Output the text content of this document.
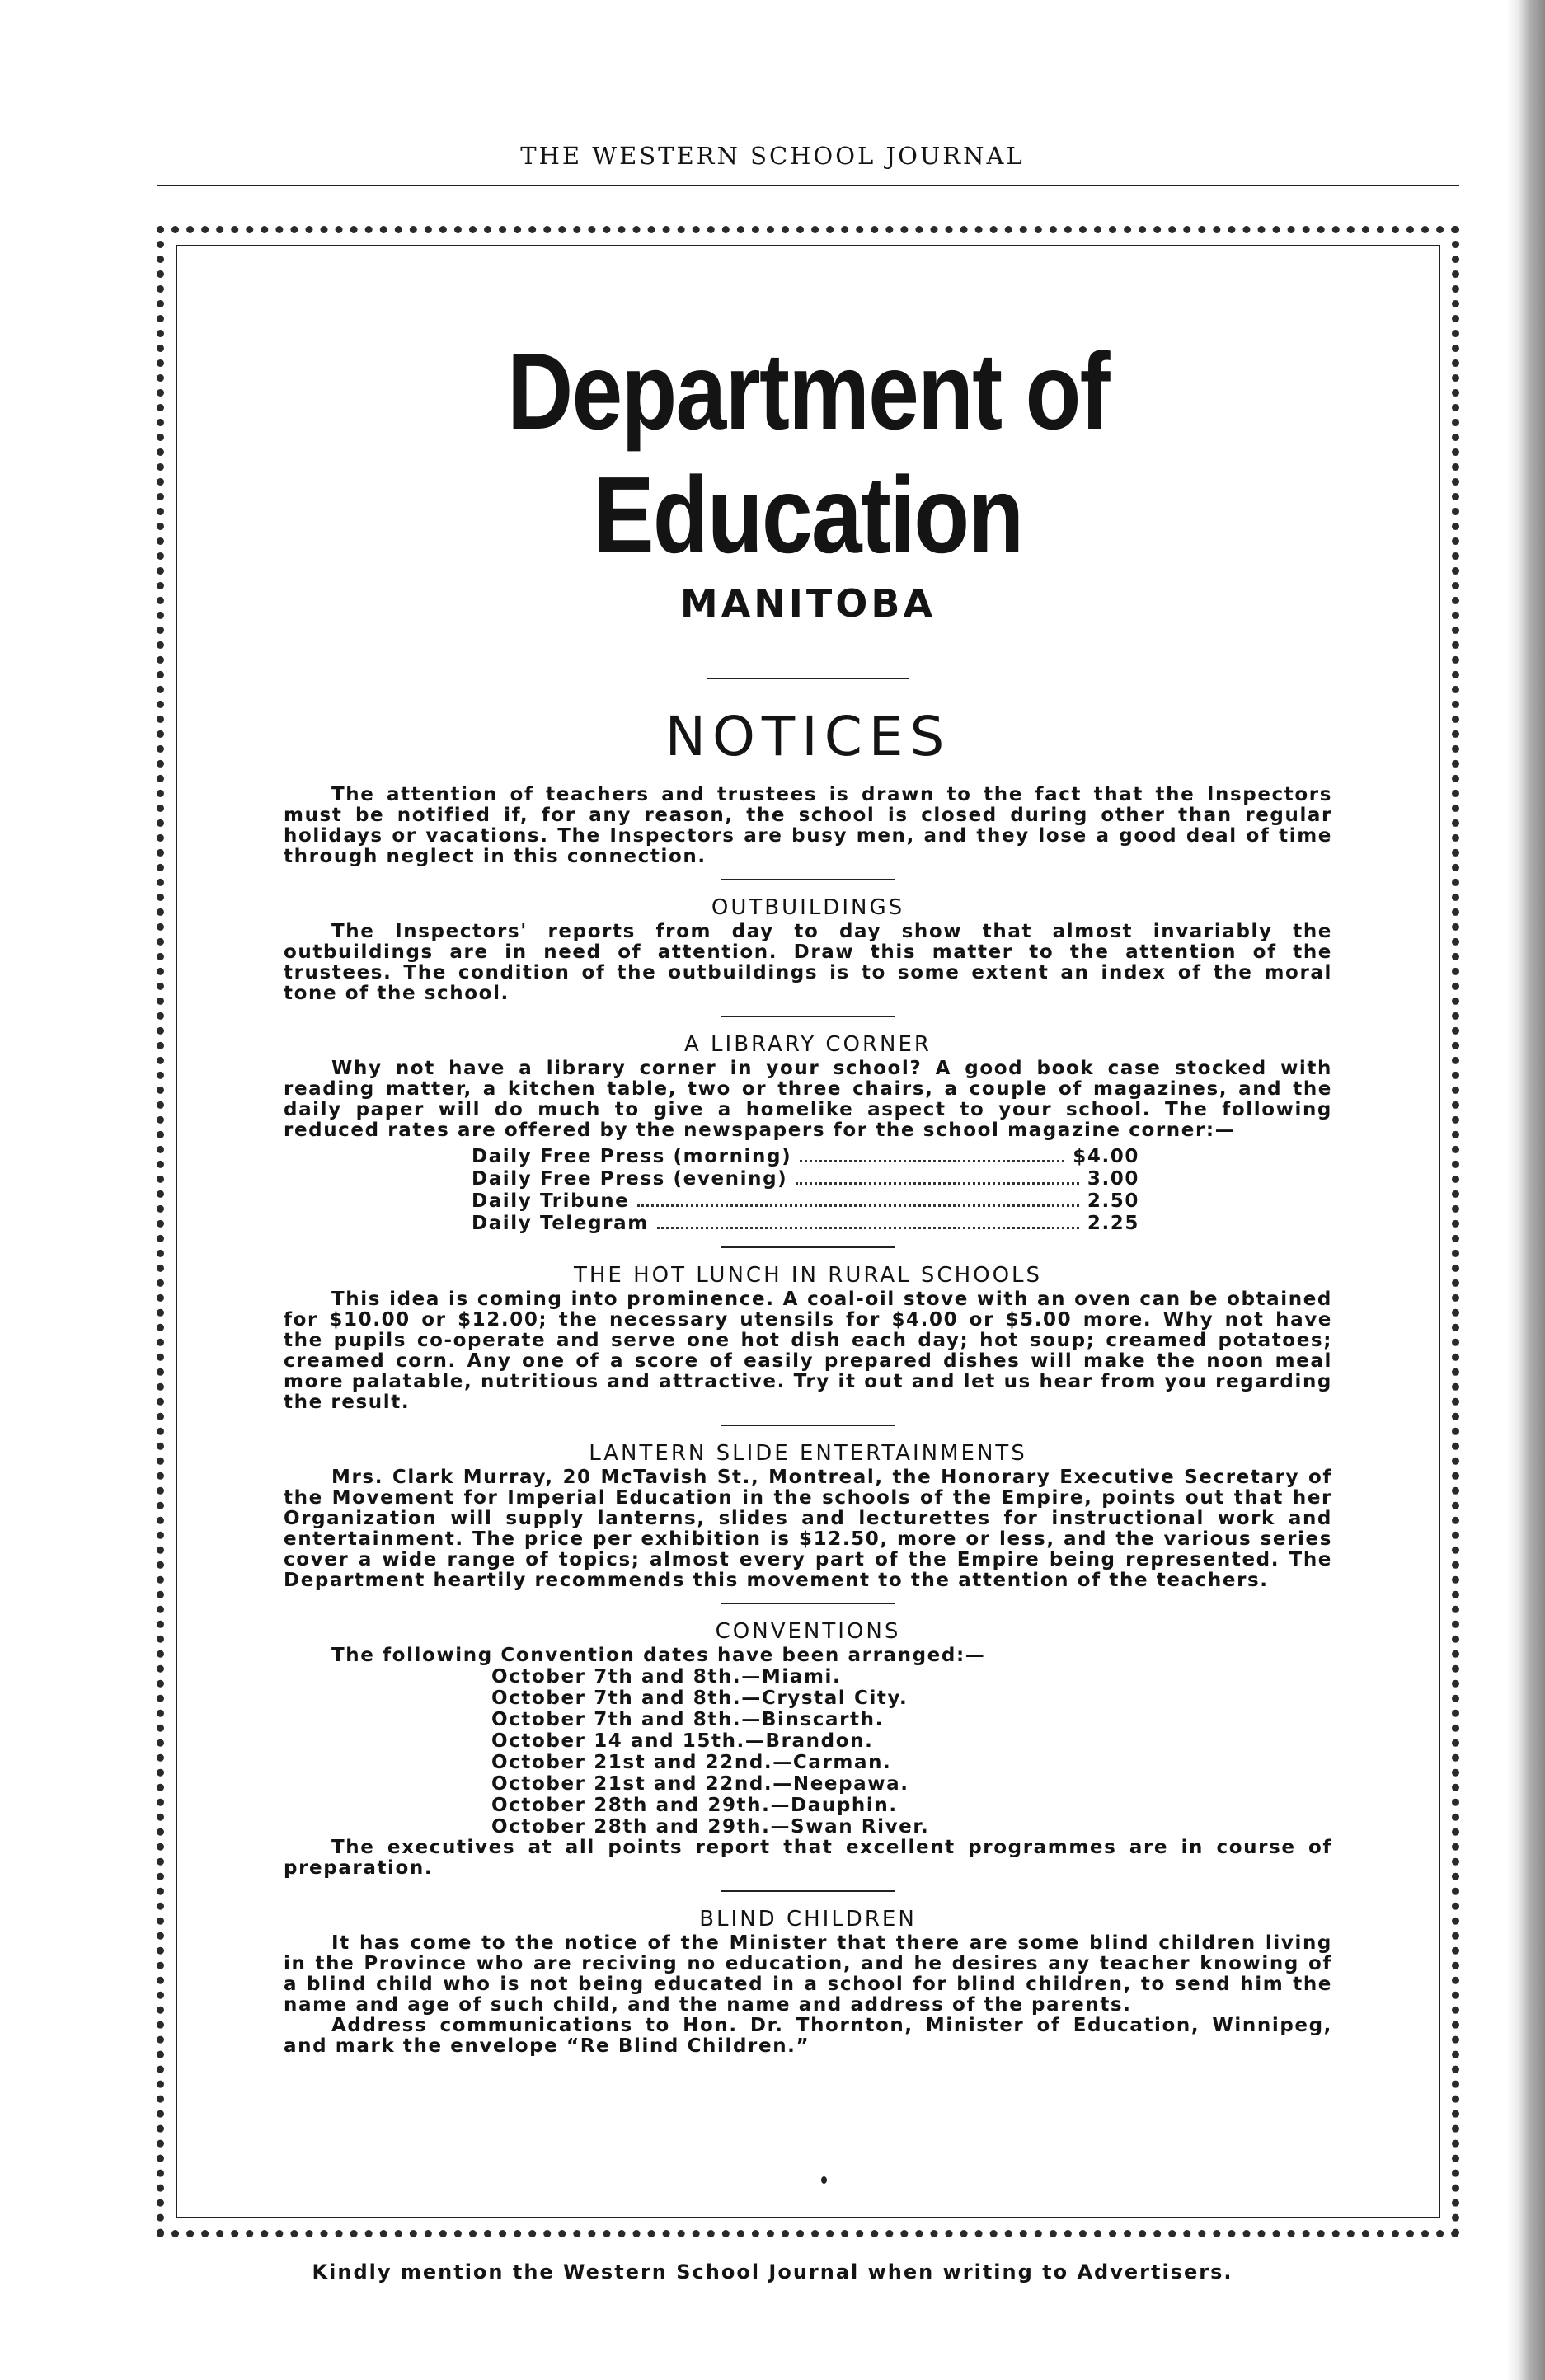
THE WESTERN SCHOOL JOURNAL
Department of Education
MANITOBA
NOTICES

The attention of teachers and trustees is drawn to the fact that the Inspectors must be notified if, for any reason, the school is closed during other than regular holidays or vacations. The Inspectors are busy men, and they lose a good deal of time through neglect in this connection.

OUTBUILDINGS

The Inspectors' reports from day to day show that almost invariably the outbuildings are in need of attention. Draw this matter to the attention of the trustees. The condition of the outbuildings is to some extent an index of the moral tone of the school.

A LIBRARY CORNER

Why not have a library corner in your school? A good book case stocked with reading matter, a kitchen table, two or three chairs, a couple of magazines, and the daily paper will do much to give a homelike aspect to your school. The following reduced rates are offered by the newspapers for the school magazine corner:—

Daily Free Press (morning)	$4.00
Daily Free Press (evening)	3.00
Daily Tribune	2.50
Daily Telegram	2.25
THE HOT LUNCH IN RURAL SCHOOLS

This idea is coming into prominence. A coal-oil stove with an oven can be obtained for $10.00 or $12.00; the necessary utensils for $4.00 or $5.00 more. Why not have the pupils co-operate and serve one hot dish each day; hot soup; creamed potatoes; creamed corn. Any one of a score of easily prepared dishes will make the noon meal more palatable, nutritious and attractive. Try it out and let us hear from you regarding the result.

LANTERN SLIDE ENTERTAINMENTS

Mrs. Clark Murray, 20 McTavish St., Montreal, the Honorary Executive Secretary of the Movement for Imperial Education in the schools of the Empire, points out that her Organization will supply lanterns, slides and lecturettes for instructional work and entertainment. The price per exhibition is $12.50, more or less, and the various series cover a wide range of topics; almost every part of the Empire being represented. The Department heartily recommends this movement to the attention of the teachers.

CONVENTIONS

The following Convention dates have been arranged:—

October 7th and 8th.—Miami.
October 7th and 8th.—Crystal City.
October 7th and 8th.—Binscarth.
October 14 and 15th.—Brandon.
October 21st and 22nd.—Carman.
October 21st and 22nd.—Neepawa.
October 28th and 29th.—Dauphin.
October 28th and 29th.—Swan River.

The executives at all points report that excellent programmes are in course of preparation.

BLIND CHILDREN

It has come to the notice of the Minister that there are some blind children living in the Province who are reciving no education, and he desires any teacher knowing of a blind child who is not being educated in a school for blind children, to send him the name and age of such child, and the name and address of the parents.

Address communications to Hon. Dr. Thornton, Minister of Education, Winnipeg, and mark the envelope “Re Blind Children.”

Kindly mention the Western School Journal when writing to Advertisers.
